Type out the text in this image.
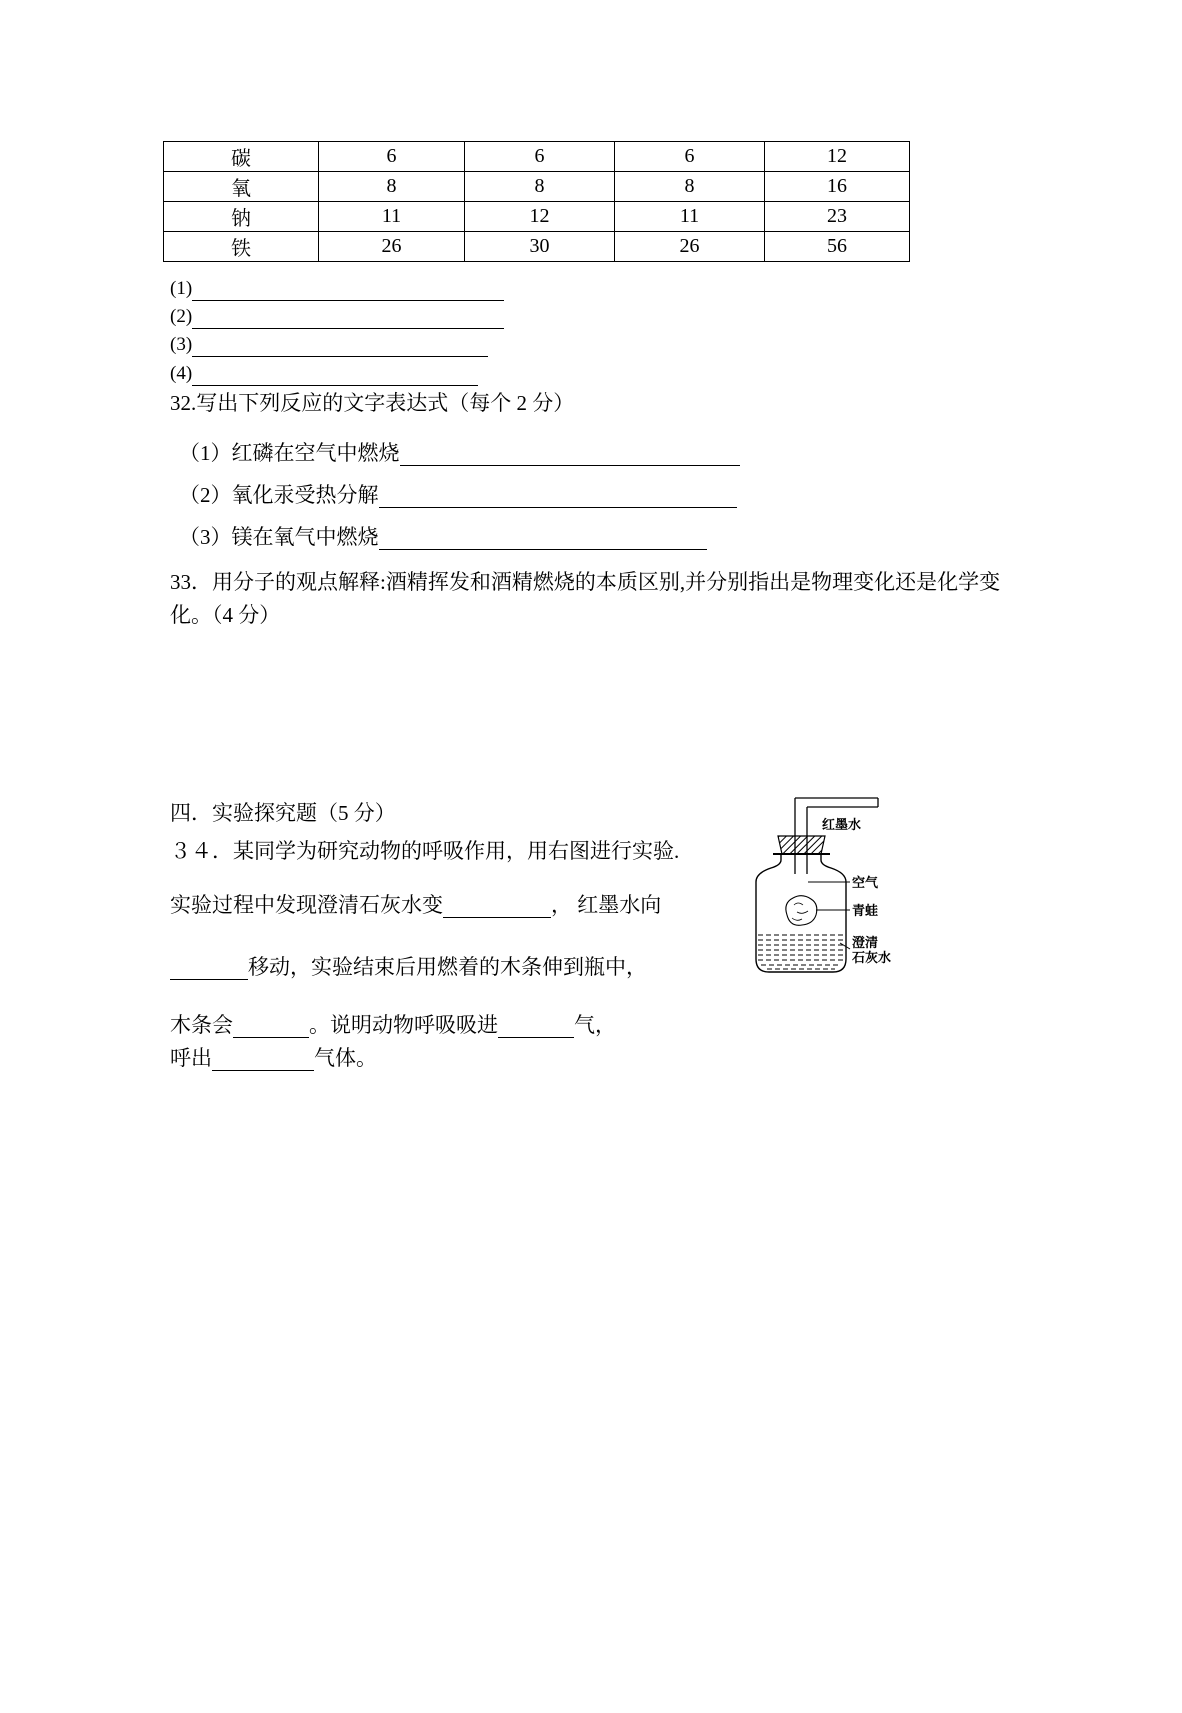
碳	6	6	6	12
氧	8	8	8	16
钠	11	12	11	23
铁	26	30	26	56
(1)
(2)
(3)
(4)
32.写出下列反应的文字表达式（每个 2 分）
（1）红磷在空气中燃烧
（2）氧化汞受热分解
（3）镁在氧气中燃烧
33．用分子的观点解释:酒精挥发和酒精燃烧的本质区别,并分别指出是物理变化还是化学变化。（4 分）
四．实验探究题（5 分）
３４．某同学为研究动物的呼吸作用，用右图进行实验.
实验过程中发现澄清石灰水变	， 红墨水向
移动，实验结束后用燃着的木条伸到瓶中，
木条会	。说明动物呼吸吸进	气，
呼出	气体。
红墨水
空气
青蛙
澄清
石灰水
